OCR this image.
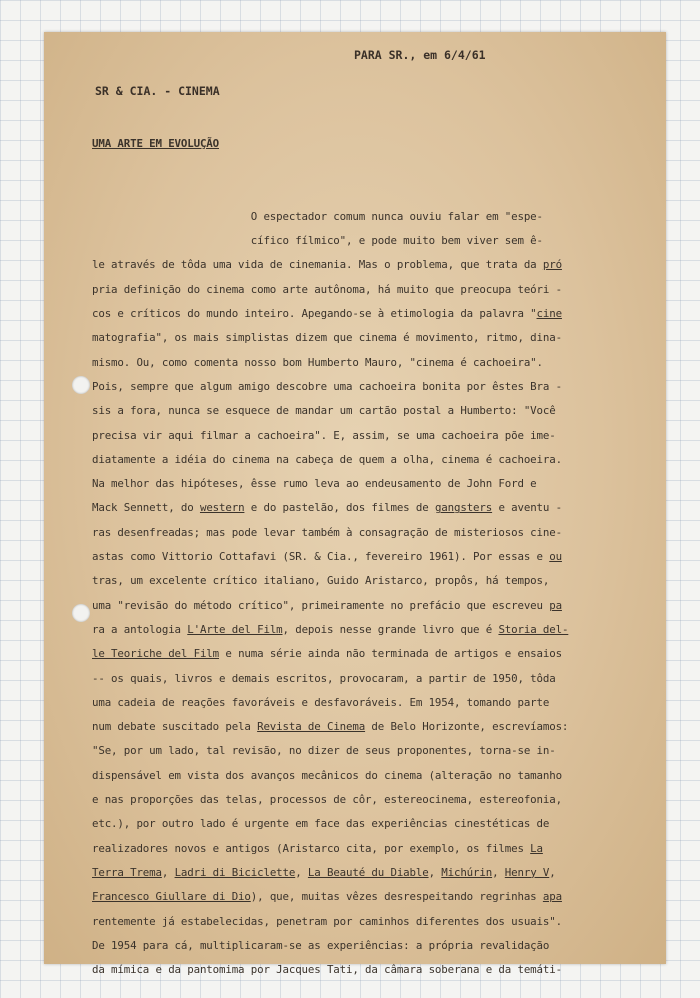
PARA SR., em 6/4/61
SR & CIA. - CINEMA

UMA ARTE EM EVOLUÇÃO

O espectador comum nunca ouviu falar em "espe-
cífico fílmico", e pode muito bem viver sem ê-
le através de tôda uma vida de cinemania. Mas o problema, que trata da pró
pria definição do cinema como arte autônoma, há muito que preocupa teóri -
cos e críticos do mundo inteiro. Apegando-se à etimologia da palavra "cine
matografia", os mais simplistas dizem que cinema é movimento, ritmo, dina-
mismo. Ou, como comenta nosso bom Humberto Mauro, "cinema é cachoeira".
Pois, sempre que algum amigo descobre uma cachoeira bonita por êstes Bra -
sis a fora, nunca se esquece de mandar um cartão postal a Humberto: "Você
precisa vir aqui filmar a cachoeira". E, assim, se uma cachoeira põe ime-
diatamente a idéia do cinema na cabeça de quem a olha, cinema é cachoeira.
Na melhor das hipóteses, êsse rumo leva ao endeusamento de John Ford e
Mack Sennett, do western e do pastelão, dos filmes de gangsters e aventu -
ras desenfreadas; mas pode levar também à consagração de misteriosos cine-
astas como Vittorio Cottafavi (SR. & Cia., fevereiro 1961). Por essas e ou
tras, um excelente crítico italiano, Guido Aristarco, propôs, há tempos,
uma "revisão do método crítico", primeiramente no prefácio que escreveu pa
ra a antologia L'Arte del Film, depois nesse grande livro que é Storia del-
le Teoriche del Film e numa série ainda não terminada de artigos e ensaios
-- os quais, livros e demais escritos, provocaram, a partir de 1950, tôda
uma cadeia de reações favoráveis e desfavoráveis. Em 1954, tomando parte
num debate suscitado pela Revista de Cinema de Belo Horizonte, escrevíamos:
"Se, por um lado, tal revisão, no dizer de seus proponentes, torna-se in-
dispensável em vista dos avanços mecânicos do cinema (alteração no tamanho
e nas proporções das telas, processos de côr, estereocinema, estereofonia,
etc.), por outro lado é urgente em face das experiências cinestéticas de
realizadores novos e antigos (Aristarco cita, por exemplo, os filmes La
Terra Trema, Ladri di Biciclette, La Beauté du Diable, Michúrin, Henry V,
Francesco Giullare di Dio), que, muitas vêzes desrespeitando regrinhas apa
rentemente já estabelecidas, penetram por caminhos diferentes dos usuais".
De 1954 para cá, multiplicaram-se as experiências: a própria revalidação
da mímica e da pantomima por Jacques Tati, da câmara soberana e da temáti-
